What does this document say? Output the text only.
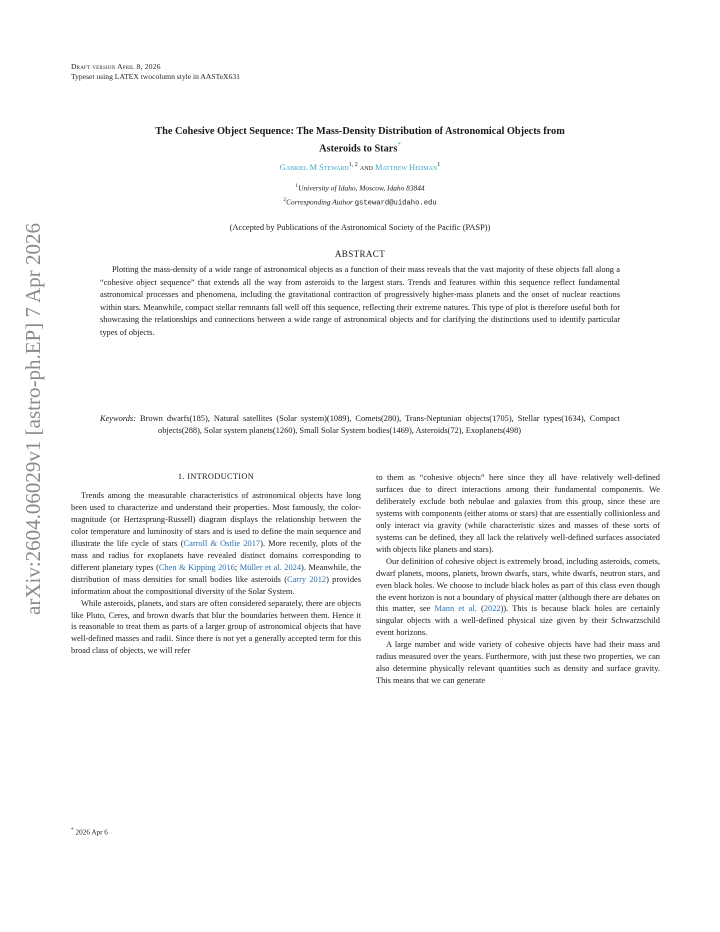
arXiv:2604.06029v1 [astro-ph.EP] 7 Apr 2026
Draft version April 8, 2026
Typeset using LATEX twocolumn style in AASTeX631
The Cohesive Object Sequence: The Mass-Density Distribution of Astronomical Objects from
Asteroids to Stars*
Gabriel M Steward$^{1, 2}$ and Matthew Hedman$^1$
$^1$University of Idaho, Moscow, Idaho 83844
$^2$Corresponding Author gsteward@uidaho.edu
(Accepted by Publications of the Astronomical Society of the Pacific (PASP))
ABSTRACT

Plotting the mass-density of a wide range of astronomical objects as a function of their mass reveals that the vast majority of these objects fall along a “cohesive object sequence” that extends all the way from asteroids to the largest stars. Trends and features within this sequence reflect fundamental astronomical processes and phenomena, including the gravitational contraction of progressively higher-mass planets and the onset of nuclear reactions within stars. Meanwhile, compact stellar remnants fall well off this sequence, reflecting their extreme natures. This type of plot is therefore useful both for showcasing the relationships and connections between a wide range of astronomical objects and for clarifying the distinctions used to identify particular types of objects.

Keywords: Brown dwarfs(185), Natural satellites (Solar system)(1089), Comets(280), Trans-Neptunian objects(1705), Stellar types(1634), Compact objects(288), Solar system planets(1260), Small Solar System bodies(1469), Asteroids(72), Exoplanets(498)
1. INTRODUCTION

Trends among the measurable characteristics of astronomical objects have long been used to characterize and understand their properties. Most famously, the color-magnitude (or Hertzsprung-Russell) diagram displays the relationship between the color temperature and luminosity of stars and is used to define the main sequence and illustrate the life cycle of stars (Carroll & Ostlie 2017). More recently, plots of the mass and radius for exoplanets have revealed distinct domains corresponding to different planetary types (Chen & Kipping 2016; Müller et al. 2024). Meanwhile, the distribution of mass densities for small bodies like asteroids (Carry 2012) provides information about the compositional diversity of the Solar System.

While asteroids, planets, and stars are often considered separately, there are objects like Pluto, Ceres, and brown dwarfs that blur the boundaries between them. Hence it is reasonable to treat them as parts of a larger group of astronomical objects that have well-defined masses and radii. Since there is not yet a generally accepted term for this broad class of objects, we will refer

to them as “cohesive objects” here since they all have relatively well-defined surfaces due to direct interactions among their fundamental components. We deliberately exclude both nebulae and galaxies from this group, since these are systems with components (either atoms or stars) that are essentially collisionless and only interact via gravity (while characteristic sizes and masses of these sorts of systems can be defined, they all lack the relatively well-defined surfaces associated with objects like planets and stars).

Our definition of cohesive object is extremely broad, including asteroids, comets, dwarf planets, moons, planets, brown dwarfs, stars, white dwarfs, neutron stars, and even black holes. We choose to include black holes as part of this class even though the event horizon is not a boundary of physical matter (although there are debates on this matter, see Mann et al. (2022)). This is because black holes are certainly singular objects with a well-defined physical size given by their Schwarzschild event horizons.

A large number and wide variety of cohesive objects have had their mass and radius measured over the years. Furthermore, with just these two properties, we can also determine physically relevant quantities such as density and surface gravity. This means that we can generate

* 2026 Apr 6
